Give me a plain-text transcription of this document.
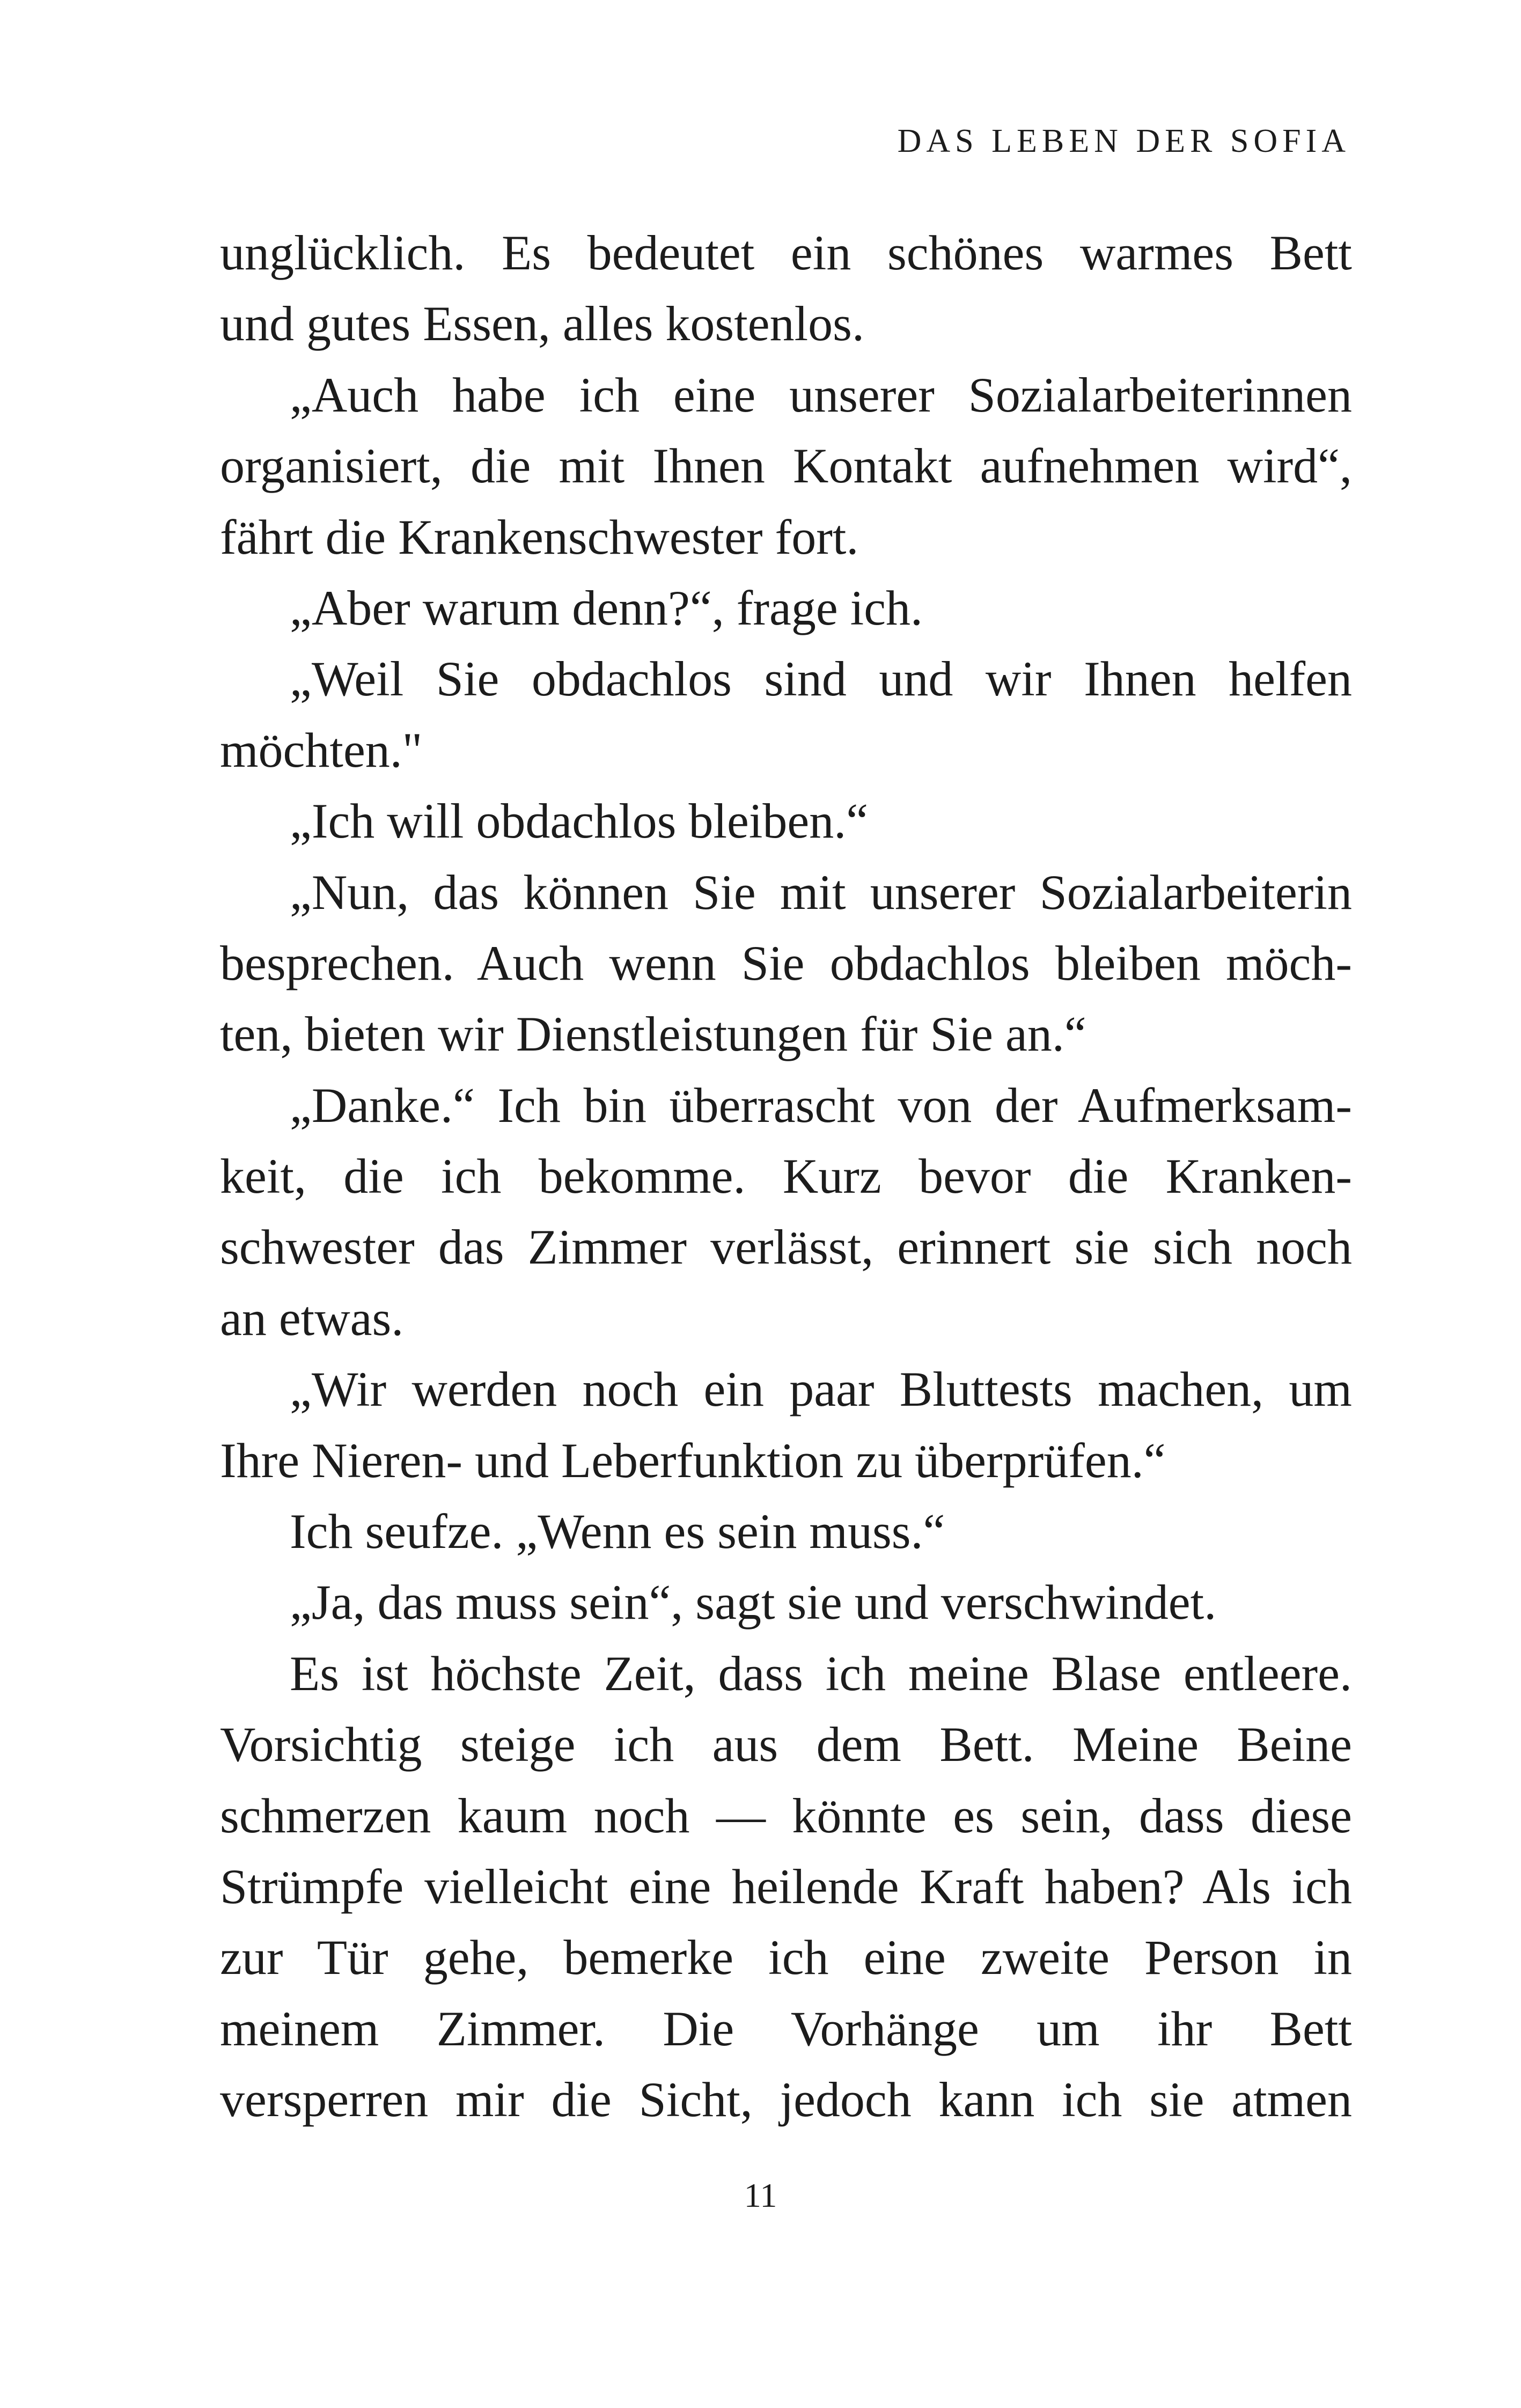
DAS LEBEN DER SOFIA
unglücklich. Es bedeutet ein schönes warmes Bett
und gutes Essen, alles kostenlos.
„Auch habe ich eine unserer Sozialarbeiterinnen
organisiert, die mit Ihnen Kontakt aufnehmen wird“,
fährt die Krankenschwester fort.
„Aber warum denn?“, frage ich.
„Weil Sie obdachlos sind und wir Ihnen helfen
möchten."
„Ich will obdachlos bleiben.“
„Nun, das können Sie mit unserer Sozialarbeiterin
besprechen. Auch wenn Sie obdachlos bleiben möch-
ten, bieten wir Dienstleistungen für Sie an.“
„Danke.“ Ich bin überrascht von der Aufmerksam-
keit, die ich bekomme. Kurz bevor die Kranken-
schwester das Zimmer verlässt, erinnert sie sich noch
an etwas.
„Wir werden noch ein paar Bluttests machen, um
Ihre Nieren- und Leberfunktion zu überprüfen.“
Ich seufze. „Wenn es sein muss.“
„Ja, das muss sein“, sagt sie und verschwindet.
Es ist höchste Zeit, dass ich meine Blase entleere.
Vorsichtig steige ich aus dem Bett. Meine Beine
schmerzen kaum noch — könnte es sein, dass diese
Strümpfe vielleicht eine heilende Kraft haben? Als ich
zur Tür gehe, bemerke ich eine zweite Person in
meinem Zimmer. Die Vorhänge um ihr Bett
versperren mir die Sicht, jedoch kann ich sie atmen
11
